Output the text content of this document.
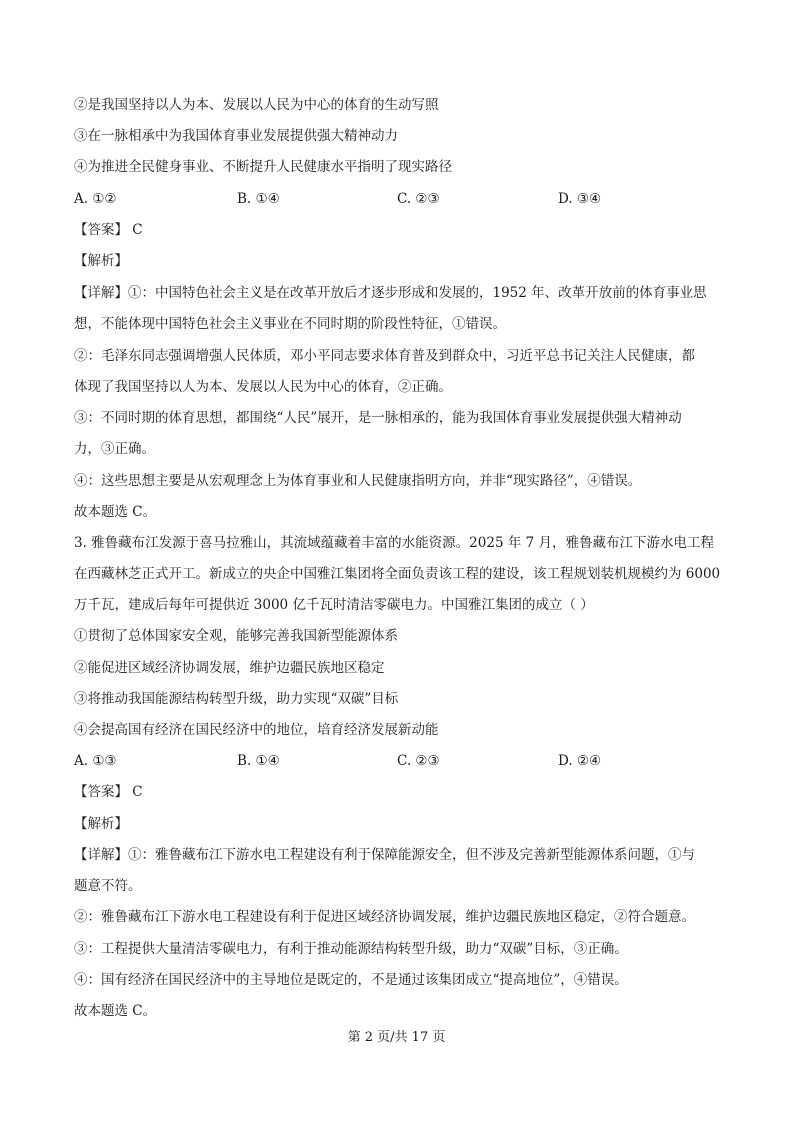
②是我国坚持以人为本、发展以人民为中心的体育的生动写照
③在一脉相承中为我国体育事业发展提供强大精神动力
④为推进全民健身事业、不断提升人民健康水平指明了现实路径
A. ①②	B. ①④	C. ②③	D. ③④
【答案】 C
【解析】
【详解】①：中国特色社会主义是在改革开放后才逐步形成和发展的，1952 年、改革开放前的体育事业思
想，不能体现中国特色社会主义事业在不同时期的阶段性特征，①错误。
②：毛泽东同志强调增强人民体质，邓小平同志要求体育普及到群众中，习近平总书记关注人民健康，都
体现了我国坚持以人为本、发展以人民为中心的体育，②正确。
③：不同时期的体育思想，都围绕“人民”展开，是一脉相承的，能为我国体育事业发展提供强大精神动
力，③正确。
④：这些思想主要是从宏观理念上为体育事业和人民健康指明方向，并非“现实路径”，④错误。
故本题选 C。
3. 雅鲁藏布江发源于喜马拉雅山，其流域蕴藏着丰富的水能资源。2025 年 7 月，雅鲁藏布江下游水电工程
在西藏林芝正式开工。新成立的央企中国雅江集团将全面负责该工程的建设，该工程规划装机规模约为 6000
万千瓦，建成后每年可提供近 3000 亿千瓦时清洁零碳电力。中国雅江集团的成立（ ）
①贯彻了总体国家安全观，能够完善我国新型能源体系
②能促进区域经济协调发展，维护边疆民族地区稳定
③将推动我国能源结构转型升级，助力实现“双碳”目标
④会提高国有经济在国民经济中的地位，培育经济发展新动能
A. ①③	B. ①④	C. ②③	D. ②④
【答案】 C
【解析】
【详解】①：雅鲁藏布江下游水电工程建设有利于保障能源安全，但不涉及完善新型能源体系问题，①与
题意不符。
②：雅鲁藏布江下游水电工程建设有利于促进区域经济协调发展，维护边疆民族地区稳定，②符合题意。
③：工程提供大量清洁零碳电力，有利于推动能源结构转型升级，助力“双碳”目标，③正确。
④：国有经济在国民经济中的主导地位是既定的，不是通过该集团成立“提高地位”，④错误。
故本题选 C。
第 2 页/共 17 页
